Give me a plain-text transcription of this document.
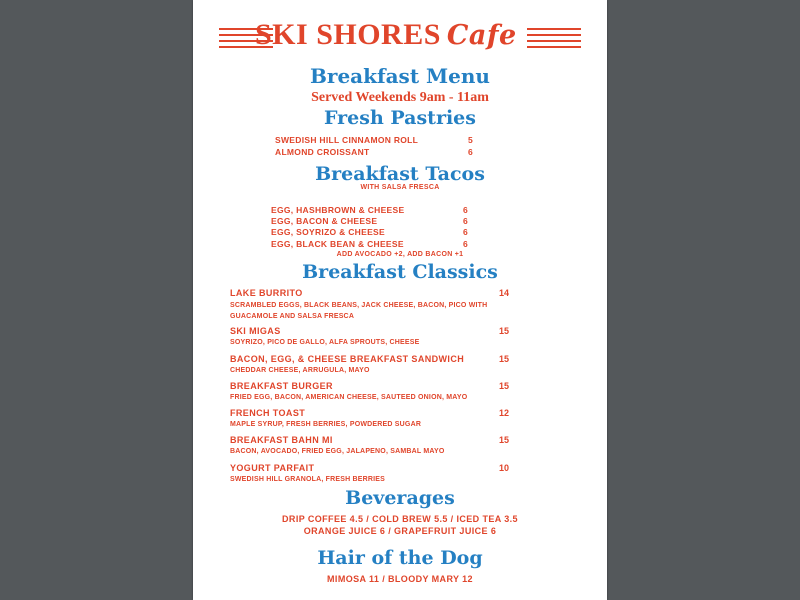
SKI SHORES Cafe
Breakfast Menu
Served Weekends 9am - 11am
Fresh Pastries
SWEDISH HILL CINNAMON ROLL	5
ALMOND CROISSANT	6
Breakfast Tacos
WITH SALSA FRESCA
EGG, HASHBROWN & CHEESE	6
EGG, BACON & CHEESE	6
EGG, SOYRIZO & CHEESE	6
EGG, BLACK BEAN & CHEESE	6
ADD AVOCADO +2, ADD BACON +1
Breakfast Classics
LAKE BURRITO	14
SCRAMBLED EGGS, BLACK BEANS, JACK CHEESE, BACON, PICO WITH GUACAMOLE AND SALSA FRESCA
SKI MIGAS	15
SOYRIZO, PICO DE GALLO, ALFA SPROUTS, CHEESE
BACON, EGG, & CHEESE BREAKFAST SANDWICH	15
CHEDDAR CHEESE, ARRUGULA, MAYO
BREAKFAST BURGER	15
FRIED EGG, BACON, AMERICAN CHEESE, SAUTEED ONION, MAYO
FRENCH TOAST	12
MAPLE SYRUP, FRESH BERRIES, POWDERED SUGAR
BREAKFAST BAHN MI	15
BACON, AVOCADO, FRIED EGG, JALAPENO, SAMBAL MAYO
YOGURT PARFAIT	10
SWEDISH HILL GRANOLA, FRESH BERRIES
Beverages
DRIP COFFEE 4.5 / COLD BREW 5.5 / ICED TEA 3.5
ORANGE JUICE 6 / GRAPEFRUIT JUICE 6
Hair of the Dog
MIMOSA 11 / BLOODY MARY 12
